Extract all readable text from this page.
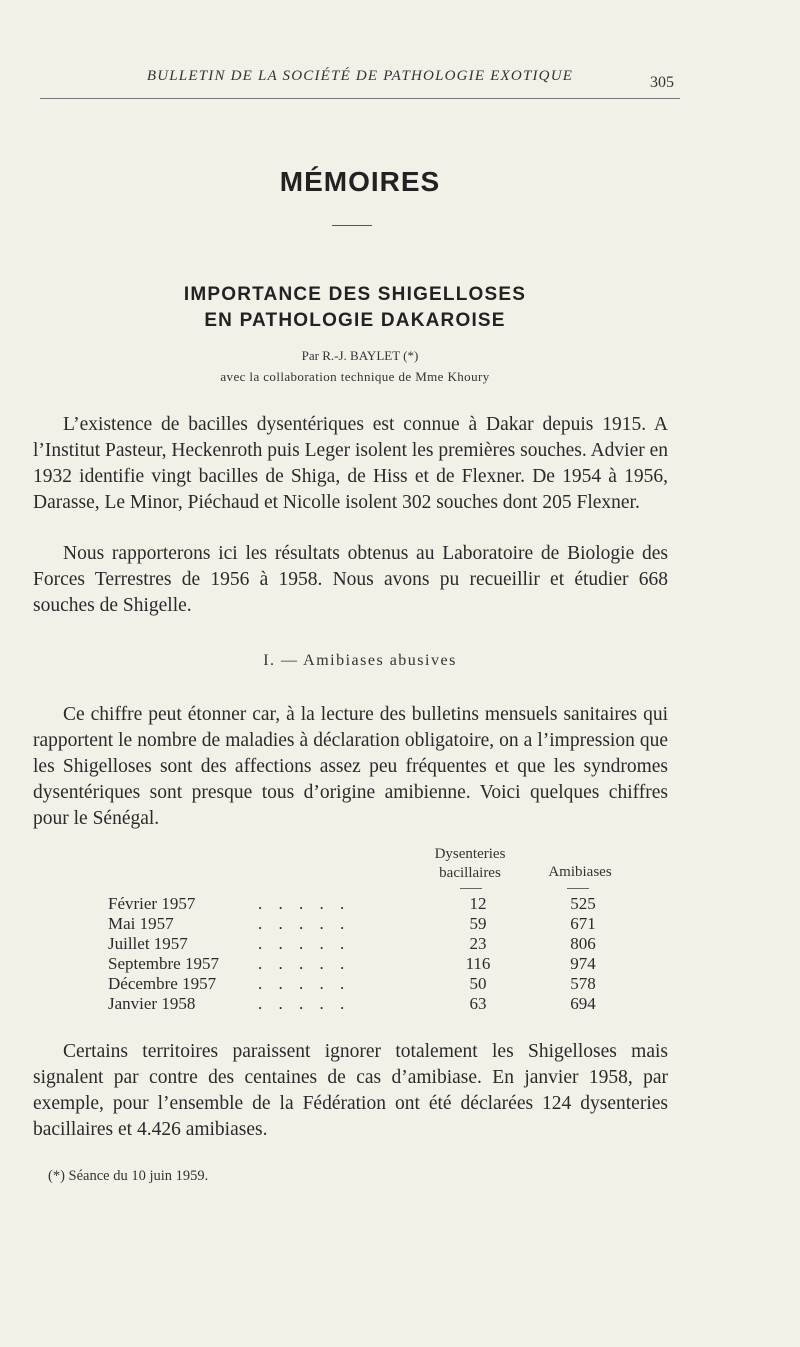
BULLETIN DE LA SOCIÉTÉ DE PATHOLOGIE EXOTIQUE	305
MÉMOIRES
IMPORTANCE DES SHIGELLOSES
EN PATHOLOGIE DAKAROISE
Par R.-J. BAYLET (*)
avec la collaboration technique de Mme Khoury

L’existence de bacilles dysentériques est connue à Dakar depuis 1915. A l’Institut Pasteur, Heckenroth puis Leger isolent les premières souches. Advier en 1932 identifie vingt bacilles de Shiga, de Hiss et de Flexner. De 1954 à 1956, Darasse, Le Minor, Piéchaud et Nicolle isolent 302 souches dont 205 Flexner.

Nous rapporterons ici les résultats obtenus au Laboratoire de Biologie des Forces Terrestres de 1956 à 1958. Nous avons pu recueillir et étudier 668 souches de Shigelle.

I. — Amibiases abusives

Ce chiffre peut étonner car, à la lecture des bulletins mensuels sanitaires qui rapportent le nombre de maladies à déclaration obligatoire, on a l’impression que les Shigelloses sont des affections assez peu fréquentes et que les syndromes dysentériques sont presque tous d’origine amibienne. Voici quelques chiffres pour le Sénégal.

Dysenteries
bacillaires	Amibiases
Février 1957	. . . . .	12	525
Mai 1957	. . . . .	59	671
Juillet 1957	. . . . .	23	806
Septembre 1957 . . . . .	116	974
Décembre 1957 . . . . .	50	578
Janvier 1958	. . . . .	63	694

Certains territoires paraissent ignorer totalement les Shigelloses mais signalent par contre des centaines de cas d’amibiase. En janvier 1958, par exemple, pour l’ensemble de la Fédération ont été déclarées 124 dysenteries bacillaires et 4.426 amibiases.

(*) Séance du 10 juin 1959.
